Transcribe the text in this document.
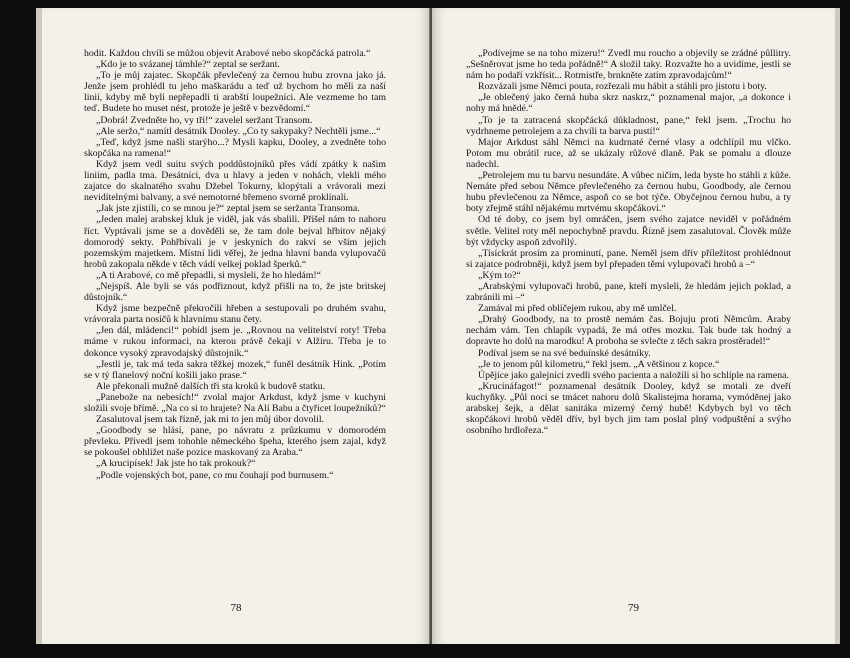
hodit. Každou chvíli se můžou objevit Arabové nebo skopčácká patrola.“

„Kdo je to svázanej támhle?“ zeptal se seržant.

„To je můj zajatec. Skopčák převlečený za černou hubu zrovna jako já. Jenže jsem prohlédl tu jeho maškarádu a teď už bychom ho měli za naší linií, kdyby mě byli nepřepadli ti arabští loupežníci. Ale vezmeme ho tam teď. Budete ho muset nést, protože je ještě v bezvědomí.“

„Dobrá! Zvedněte ho, vy tři!“ zavelel seržant Transom.

„Ale seržo,“ namítl desátník Dooley. „Co ty sakypaky? Nechtěli jsme...“

„Teď, když jsme našli starýho...? Mysli kapku, Dooley, a zvedněte toho skopčáka na ramena!“

Když jsem vedl suitu svých poddůstojníků přes vádí zpátky k našim liniím, padla tma. Desátníci, dva u hlavy a jeden v nohách, vlekli mého zajatce do skalnatého svahu Džebel Tokurny, klopýtali a vrávorali mezi nevidítelnými balvany, a své nemotorné břemeno svorně proklínali.

„Jak jste zjistili, co se mnou je?“ zeptal jsem se seržanta Transoma.

„Jeden malej arabskej kluk je viděl, jak vás sbalili. Přišel nám to nahoru říct. Vyptávali jsme se a dověděli se, že tam dole bejval hřbitov nějaký domorodý sekty. Pohřbívali je v jeskyních do rakví se vším jejich pozemským majetkem. Místní lidi věřej, že jedna hlavní banda vylupovačů hrobů zakopala někde v těch vádí velkej poklad šperků.“

„A ti Arabové, co mě přepadli, si mysleli, že ho hledám!“

„Nejspíš. Ale byli se vás podřiznout, když přišli na to, že jste britskej důstojník.“

Když jsme bezpečně překročili hřeben a sestupovali po druhém svahu, vrávorala parta nosičů k hlavnímu stanu čety.

„Jen dál, mládenci!“ pobídl jsem je. „Rovnou na velitelství roty! Třeba máme v rukou informaci, na kterou právě čekají v Alžíru. Třeba je to dokonce vysoký zpravodajský důstojník.“

„Jestli je, tak má teda sakra těžkej mozek,“ funěl desátník Hink. „Potím se v tý flanelový noční košili jako prase.“

Ale překonali mužně dalších tři sta kroků k budově statku.

„Panebože na nebesích!“ zvolal major Arkdust, když jsme v kuchyni složili svoje břímě. „Na co si to hrajete? Na Alí Babu a čtyřicet loupežníků?“

Zasalutoval jsem tak řízně, jak mi to jen můj úbor dovolil.

„Goodbody se hlásí, pane, po návratu z průzkumu v domorodém převleku. Přivedl jsem tohohle německého špeha, kterého jsem zajal, když se pokoušel obhlížet naše pozice maskovaný za Araba.“

„A krucipísek! Jak jste ho tak prokouk?“

„Podle vojenských bot, pane, co mu čouhají pod burnusem.“

78

„Podívejme se na toho mizeru!“ Zvedl mu roucho a objevily se zrádné půllitry. „Sešněrovat jsme ho teda pořádně!“ A složil taky. Rozvažte ho a uvidíme, jestli se nám ho podaří vzkřísit... Rotmistře, brnkněte zatím zpravodajcům!“

Rozvázali jsme Němci pouta, rozřezali mu hábit a stáhli pro jistotu i boty.

„Je oblečený jako černá huba skrz naskrz,“ poznamenal major, „a dokonce i nohy má hnědé.“

„To je ta zatracená skopčácká důkladnost, pane,“ řekl jsem. „Trochu ho vydrhneme petrolejem a za chvíli ta barva pustí!“

Major Arkdust sáhl Němci na kudrnaté černé vlasy a odchlípil mu vlčko. Potom mu obrátil ruce, až se ukázaly růžové dlaně. Pak se pomalu a dlouze nadechl.

„Petrolejem mu tu barvu nesundáte. A vůbec ničím, leda byste ho stáhli z kůže. Nemáte před sebou Němce převlečeného za černou hubu, Goodbody, ale černou hubu převlečenou za Němce, aspoň co se bot týče. Obyčejnou černou hubu, a ty boty zřejmě stáhl nějakému mrtvému skopčákovi.“

Od té doby, co jsem byl omráčen, jsem svého zajatce neviděl v pořádném světle. Velitel roty měl nepochybně pravdu. Řízně jsem zasalutoval. Člověk může být vždycky aspoň zdvořilý.

„Tisíckrát prosím za prominutí, pane. Neměl jsem dřív příležitost prohlédnout si zajatce podrobněji, když jsem byl přepaden těmi vylupovači hrobů a –“

„Kým to?“

„Arabskými vylupovači hrobů, pane, kteří mysleli, že hledám jejich poklad, a zabránili mi –“

Zamával mi před obličejem rukou, aby mě umlčel.

„Drahý Goodbody, na to prostě nemám čas. Bojuju proti Němcům. Araby nechám vám. Ten chlapík vypadá, že má otřes mozku. Tak bude tak hodný a dopravte ho dolů na marodku! A proboha se svlečte z těch sakra prostěradel!“

Podíval jsem se na své beduínské desátníky.

„Je to jenom půl kilometru,“ řekl jsem. „A většinou z kopce.“

Úpějíce jako galejníci zvedli svého pacienta a naložili si ho schlíple na ramena.

„Krucináfagot!“ poznamenal desátník Dooley, když se motali ze dveří kuchyňky. „Půl noci se tmácet nahoru dolů Skalistejma horama, vymóděnej jako arabskej šejk, a dělat sanitáka mizerný černý hubě! Kdybych byl vo těch skopčákovi hrobů věděl dřív, byl bych jim tam poslal plný vodpuštění a svýho osobního hrdlořeza.“

79
